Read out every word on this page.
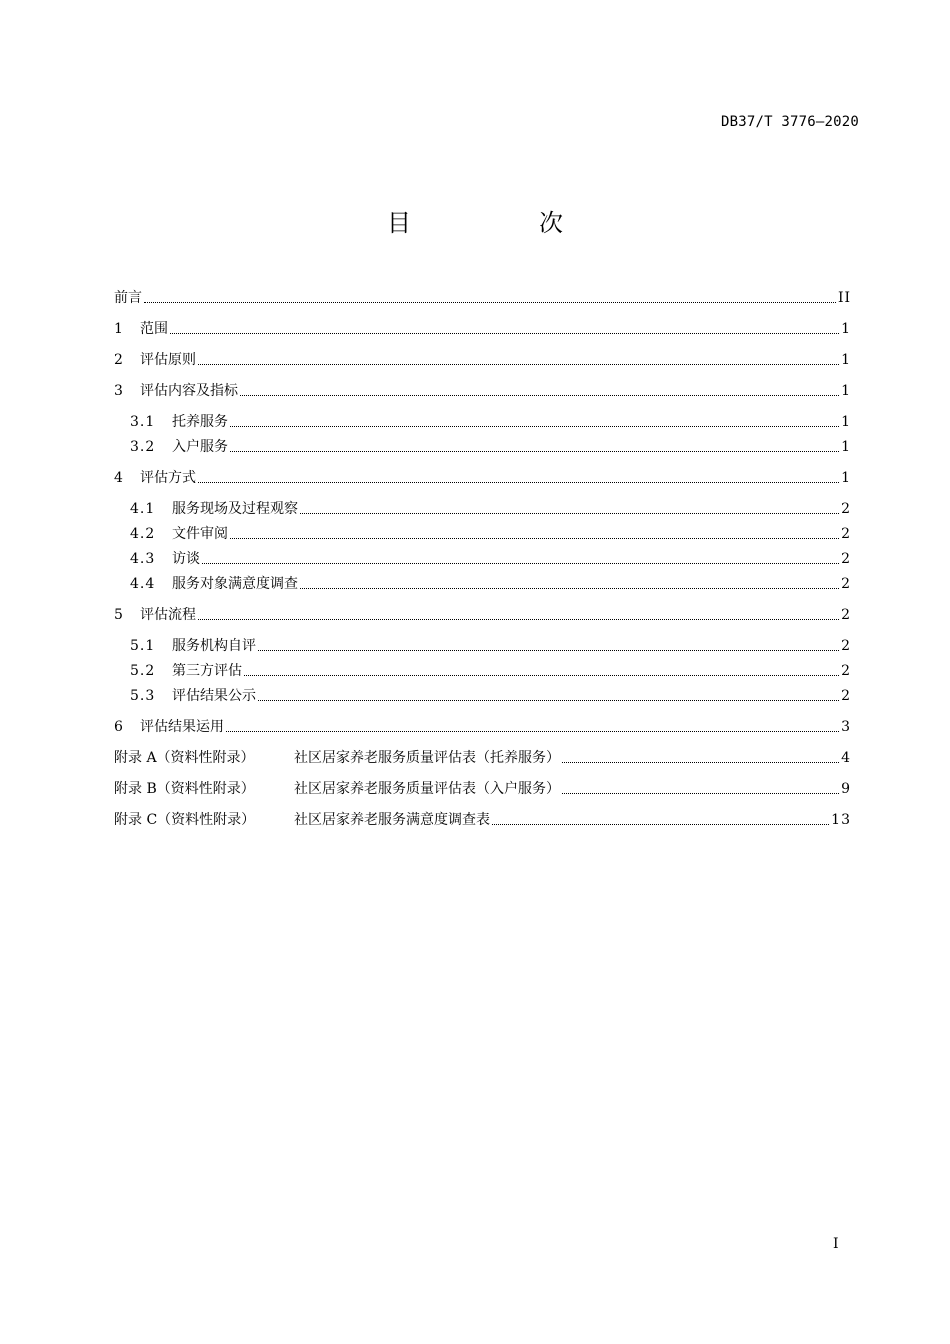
DB37/T 3776—2020
目　次
前言	II
1	范围	1
2	评估原则	1
3	评估内容及指标	1
3.1	托养服务	1
3.2	入户服务	1
4	评估方式	1
4.1	服务现场及过程观察	2
4.2	文件审阅	2
4.3	访谈	2
4.4	服务对象满意度调查	2
5	评估流程	2
5.1	服务机构自评	2
5.2	第三方评估	2
5.3	评估结果公示	2
6	评估结果运用	3
附录 A（资料性附录）	社区居家养老服务质量评估表（托养服务）	4
附录 B（资料性附录）	社区居家养老服务质量评估表（入户服务）	9
附录 C（资料性附录）	社区居家养老服务满意度调查表	13
I
